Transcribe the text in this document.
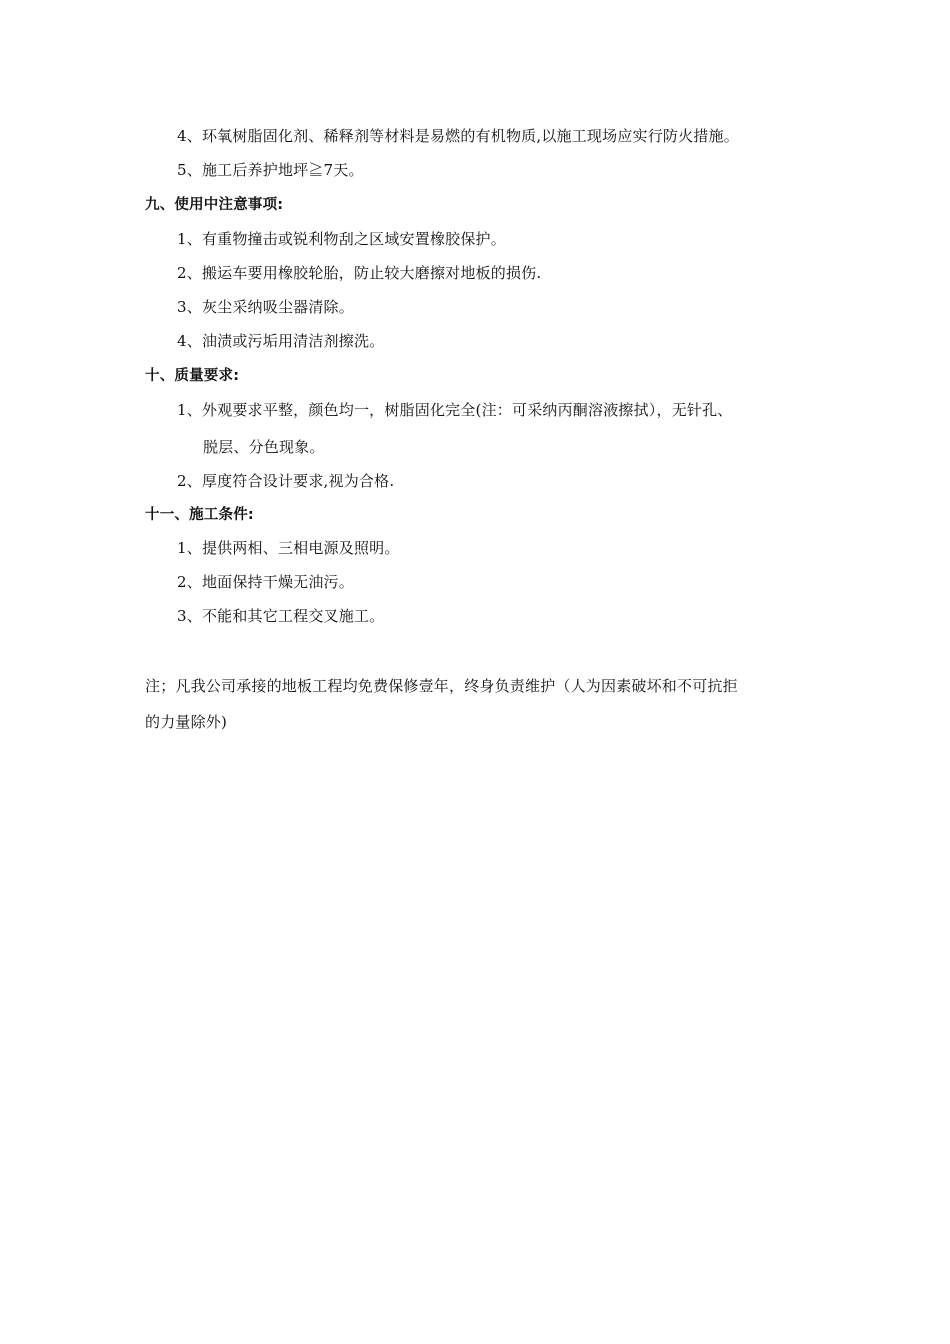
4、环氧树脂固化剂、稀释剂等材料是易燃的有机物质,以施工现场应实行防火措施。
5、施工后养护地坪≧7天。
九、使用中注意事项:
1、有重物撞击或锐利物刮之区域安置橡胶保护。
2、搬运车要用橡胶轮胎，防止较大磨擦对地板的损伤.
3、灰尘采纳吸尘器清除。
4、油渍或污垢用清洁剂擦洗。
十、质量要求:
1、外观要求平整，颜色均一，树脂固化完全(注：可采纳丙酮溶液擦拭），无针孔、
脱层、分色现象。
2、厚度符合设计要求,视为合格.
十一、施工条件:
1、提供两相、三相电源及照明。
2、地面保持干燥无油污。
3、不能和其它工程交叉施工。
注；凡我公司承接的地板工程均免费保修壹年，终身负责维护（人为因素破坏和不可抗拒
的力量除外)
